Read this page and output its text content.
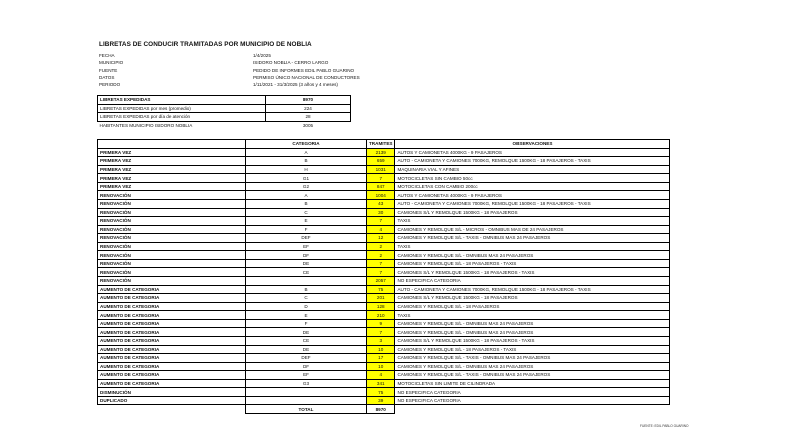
LIBRETAS DE CONDUCIR TRAMITADAS POR MUNICIPIO DE NOBLIA
FECHA	1/4/2025
MUNICIPIO	ISIDORO NOBLIA - CERRO LARGO
FUENTE	PEDIDO DE INFORMES EDIL PABLO GUARINO
DATOS	PERMISO ÚNICO NACIONAL DE CONDUCTORES
PERIODO	1/11/2021 - 31/3/2025 (3 años y 4 meses)
LIBRETAS EXPEDIDAS	8970
LIBRETAS EXPEDIDAS por mes (promedio)	224
LIBRETAS EXPEDIDAS por día de atención	28
HABITANTES MUNICIPIO ISIDORO NOBLIA	3005
	CATEGORIA	TRAMITES	OBSERVACIONES
PRIMERA VEZ	A	2139	AUTOS Y CAMIONETAS 4000KG - 9 PASAJEROS
PRIMERA VEZ	B	659	AUTO - CAMIONETA Y CAMIONES 7000KG, REMOLQUE 1500KG - 18 PASAJEROS - TAXIS
PRIMERA VEZ	H	1031	MAQUINARIA VIAL Y AFINES
PRIMERA VEZ	G1	7	MOTOCICLETAS SIN CAMBIO 50cc
PRIMERA VEZ	G2	847	MOTOCICLETAS CON CAMBIO 200cc
RENOVACIÓN	A	1004	AUTOS Y CAMIONETAS 4000KG - 9 PASAJEROS
RENOVACIÓN	B	43	AUTO - CAMIONETA Y CAMIONES 7000KG, REMOLQUE 1500KG - 18 PASAJEROS - TAXIS
RENOVACIÓN	C	30	CAMIONES S/L Y REMOLQUE 1500KG - 18 PASAJEROS
RENOVACIÓN	E	7	TAXIS
RENOVACIÓN	F	4	CAMIONES Y REMOLQUE S/L - MICROS - OMNIBUS MAS DE 24 PASAJEROS
RENOVACIÓN	DEF	12	CAMIONES Y REMOLQUE S/L - TAXIS - OMNIBUS MAS 24 PASAJEROS
RENOVACIÓN	EF	2	TAXIS
RENOVACIÓN	DF	2	CAMIONES Y REMOLQUE S/L - OMNIBUS MAS 24 PASAJEROS
RENOVACIÓN	DE	7	CAMIONES Y REMOLQUE S/L - 18 PASAJEROS - TAXIS
RENOVACIÓN	CE	7	CAMIONES S/L Y REMOLQUE 1500KG - 18 PASAJEROS - TAXIS
RENOVACIÓN		2057	NO ESPECIFICA CATEGORIA
AUMENTO DE CATEGORIA	B	75	AUTO - CAMIONETA Y CAMIONES 7000KG, REMOLQUE 1500KG - 18 PASAJEROS - TAXIS
AUMENTO DE CATEGORIA	C	201	CAMIONES S/L Y REMOLQUE 1500KG - 18 PASAJEROS
AUMENTO DE CATEGORIA	D	128	CAMIONES Y REMOLQUE S/L - 18 PASAJEROS
AUMENTO DE CATEGORIA	E	210	TAXIS
AUMENTO DE CATEGORIA	F	9	CAMIONES Y REMOLQUE S/L - OMNIBUS MAS 24 PASAJEROS
AUMENTO DE CATEGORIA	DE	7	CAMIONES Y REMOLQUE S/L - OMNIBUS MAS 24 PASAJEROS
AUMENTO DE CATEGORIA	CE	3	CAMIONES S/L Y REMOLQUE 1500KG - 18 PASAJEROS - TAXIS
AUMENTO DE CATEGORIA	DE	10	CAMIONES Y REMOLQUE S/L - 18 PASAJEROS - TAXIS
AUMENTO DE CATEGORIA	DEF	17	CAMIONES Y REMOLQUE S/L - TAXIS - OMNIBUS MAS 24 PASAJEROS
AUMENTO DE CATEGORIA	DF	10	CAMIONES Y REMOLQUE S/L - OMNIBUS MAS 24 PASAJEROS
AUMENTO DE CATEGORIA	EF	4	CAMIONES Y REMOLQUE S/L - TAXIS - OMNIBUS MAS 24 PASAJEROS
AUMENTO DE CATEGORIA	G3	341	MOTOCICLETAS SIN LIMITE DE CILINDRADA
DISMINUCIÓN		75	NO ESPECIFICA CATEGORIA
DUPLICADO		39	NO ESPECIFICA CATEGORIA
	TOTAL	8970	
FUENTE: EDIL PABLO GUARINO
